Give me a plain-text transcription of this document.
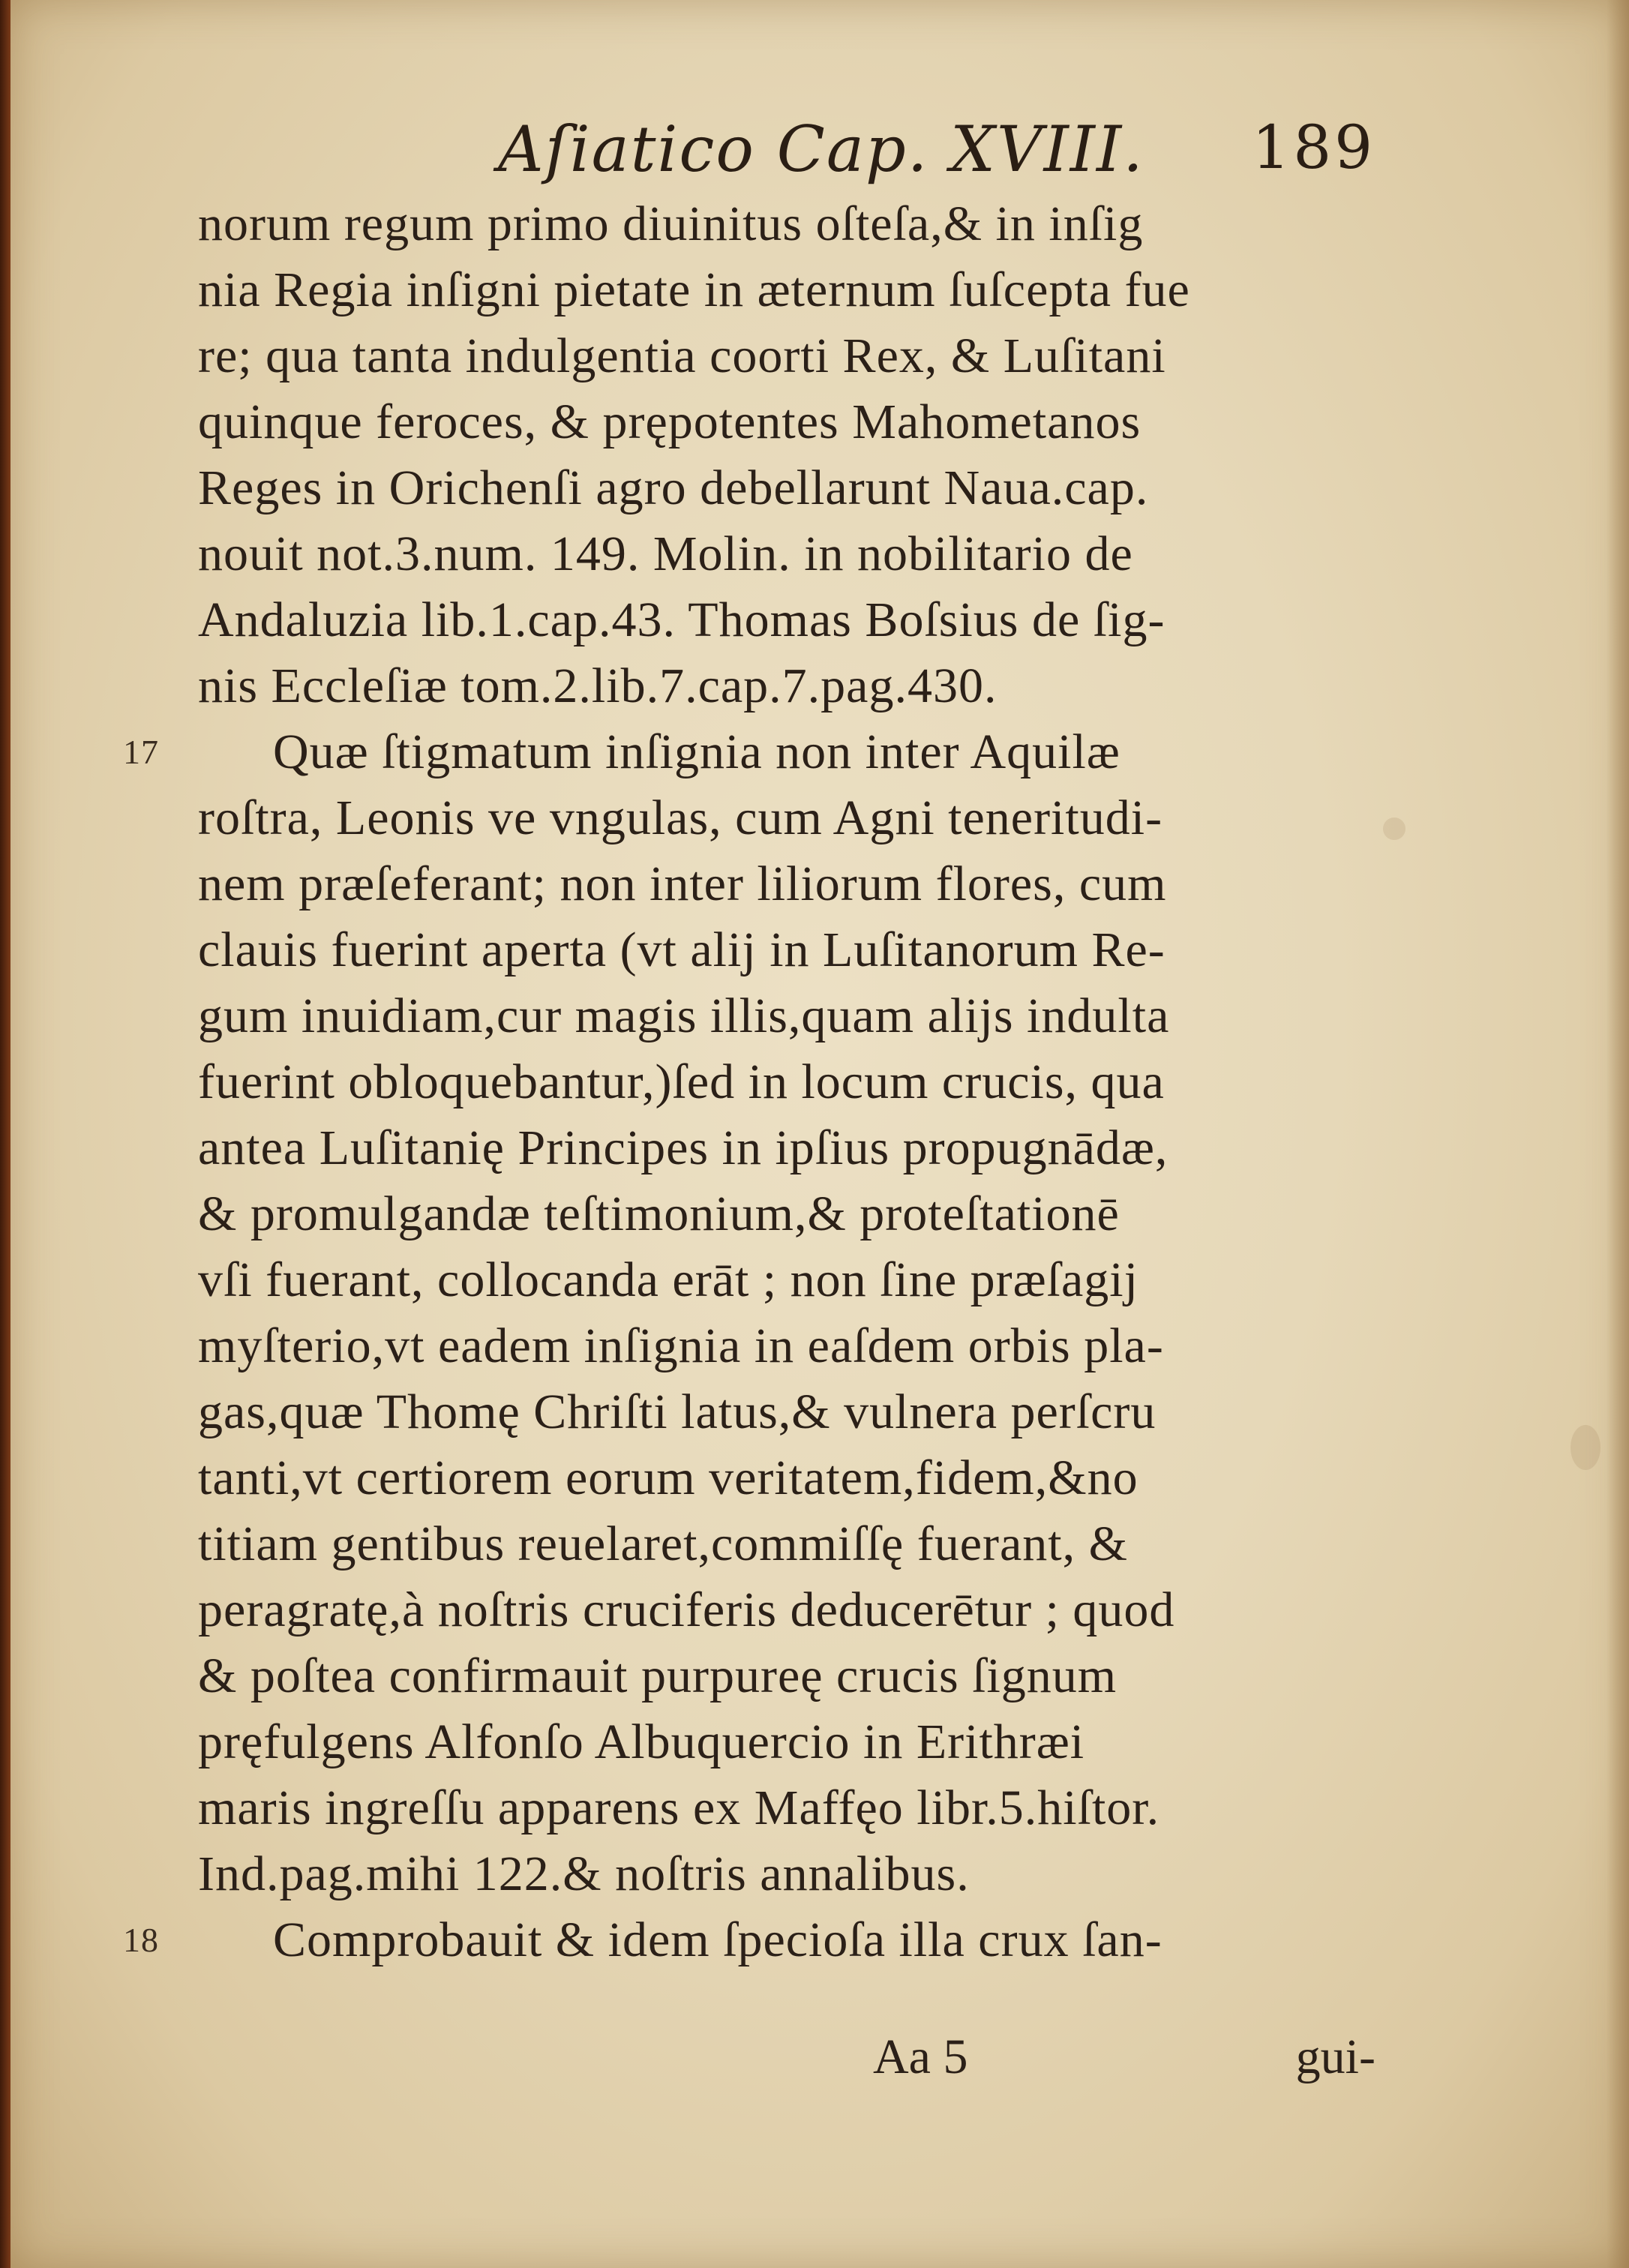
Aſiatico Cap. XVIII. 189
norum regum primo diuinitus oſteſa,& in inſig
nia Regia inſigni pietate in æternum ſuſcepta fue
re; qua tanta indulgentia coorti Rex, & Luſitani
quinque feroces, & prępotentes Mahometanos
Reges in Orichenſi agro debellarunt Naua.cap.
nouit not.3.num. 149. Molin. in nobilitario de
Andaluzia lib.1.cap.43. Thomas Boſsius de ſig-
nis Eccleſiæ tom.2.lib.7.cap.7.pag.430.
17 Quæ ſtigmatum inſignia non inter Aquilæ
roſtra, Leonis ve vngulas, cum Agni teneritudi-
nem præſeferant; non inter liliorum flores, cum
clauis fuerint aperta (vt alij in Luſitanorum Re-
gum inuidiam,cur magis illis,quam alijs indulta
fuerint obloquebantur,)ſed in locum crucis, qua
antea Luſitanię Principes in ipſius propugnādæ,
& promulgandæ teſtimonium,& proteſtationē
vſi fuerant, collocanda erāt ; non ſine præſagij
myſterio,vt eadem inſignia in eaſdem orbis pla-
gas,quæ Thomę Chriſti latus,& vulnera perſcru
tanti,vt certiorem eorum veritatem,fidem,&no
titiam gentibus reuelaret,commiſſę fuerant, &
peragratę,à noſtris cruciferis deducerētur ; quod
& poſtea confirmauit purpureę crucis ſignum
pręfulgens Alfonſo Albuquercio in Erithræi
maris ingreſſu apparens ex Maffęo libr.5.hiſtor.
Ind.pag.mihi 122.& noſtris annalibus.
18 Comprobauit & idem ſpecioſa illa crux ſan-
Aa 5	gui-
